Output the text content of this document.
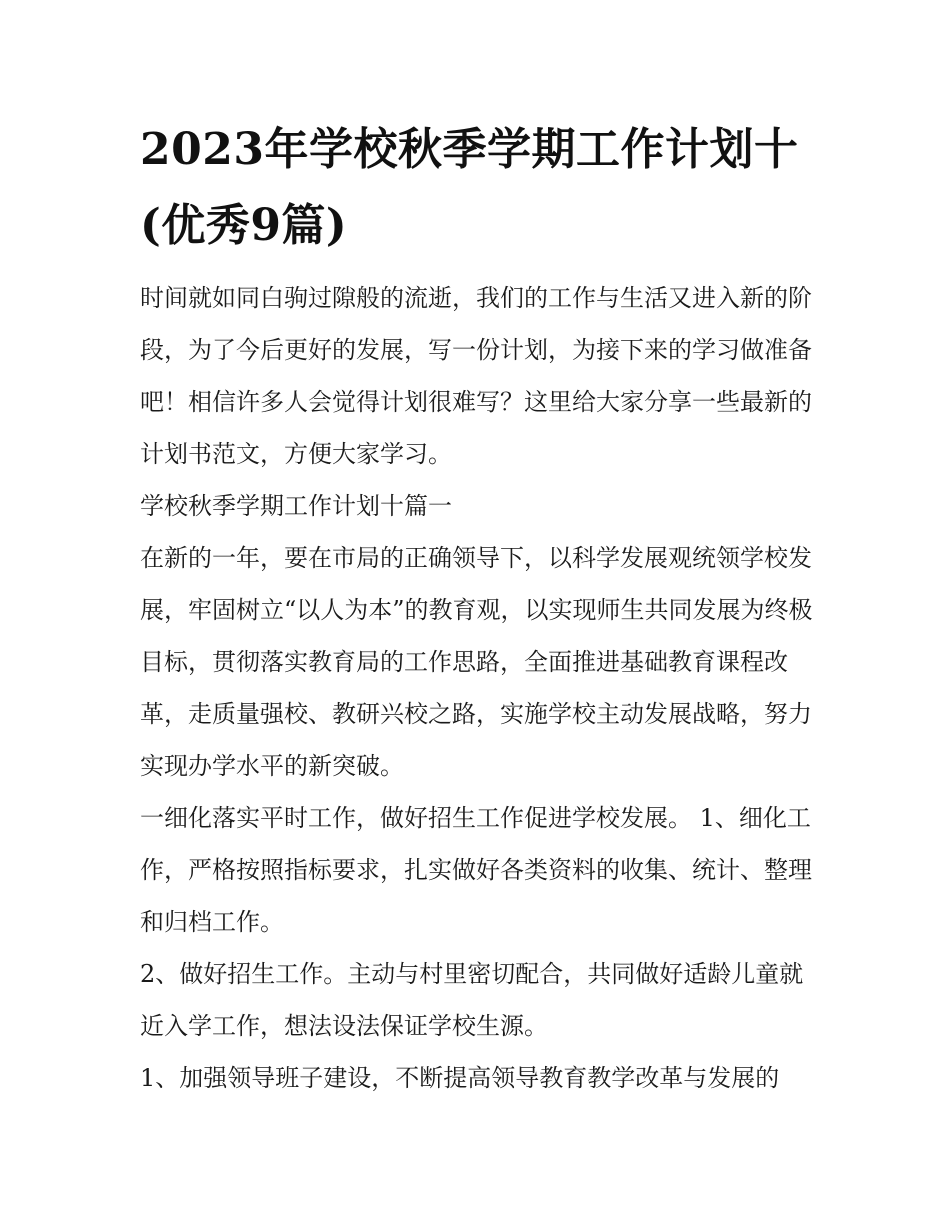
2023年学校秋季学期工作计划十(优秀9篇)

时间就如同白驹过隙般的流逝，我们的工作与生活又进入新的阶段，为了今后更好的发展，写一份计划，为接下来的学习做准备吧！相信许多人会觉得计划很难写？这里给大家分享一些最新的计划书范文，方便大家学习。

学校秋季学期工作计划十篇一

在新的一年，要在市局的正确领导下，以科学发展观统领学校发展，牢固树立“以人为本”的教育观，以实现师生共同发展为终极目标，贯彻落实教育局的工作思路，全面推进基础教育课程改革，走质量强校、教研兴校之路，实施学校主动发展战略，努力实现办学水平的新突破。

一细化落实平时工作，做好招生工作促进学校发展。 1、细化工作，严格按照指标要求，扎实做好各类资料的收集、统计、整理和归档工作。

2、做好招生工作。主动与村里密切配合，共同做好适龄儿童就近入学工作，想法设法保证学校生源。

1、加强领导班子建设，不断提高领导教育教学改革与发展的
